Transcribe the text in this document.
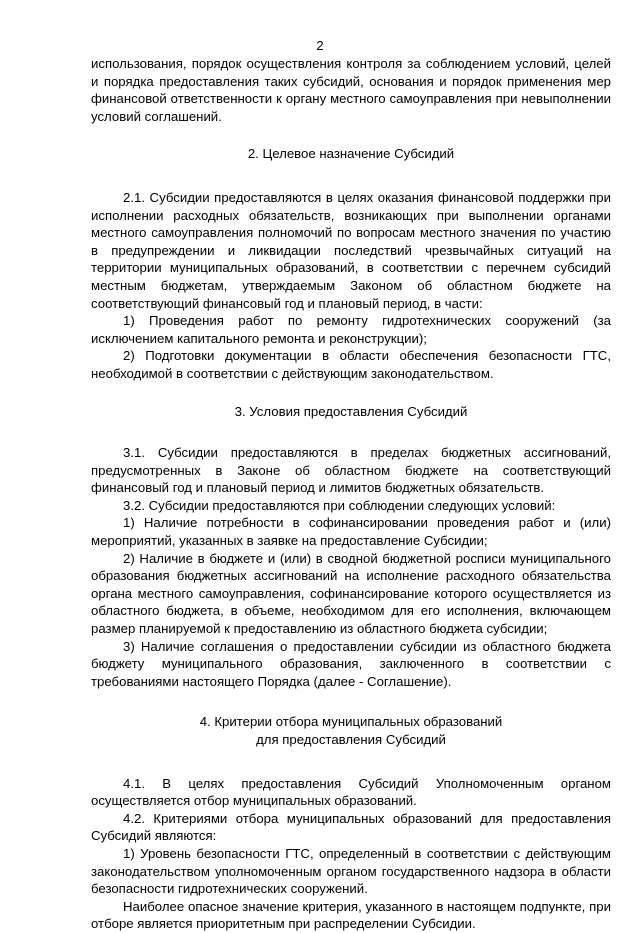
2

использования, порядок осуществления контроля за соблюдением условий, целей и порядка предоставления таких субсидий, основания и порядок применения мер финансовой ответственности к органу местного самоуправления при невыполнении условий соглашений.

2. Целевое назначение Субсидий

2.1. Субсидии предоставляются в целях оказания финансовой поддержки при исполнении расходных обязательств, возникающих при выполнении органами местного самоуправления полномочий по вопросам местного значения по участию в предупреждении и ликвидации последствий чрезвычайных ситуаций на территории муниципальных образований, в соответствии с перечнем субсидий местным бюджетам, утверждаемым Законом об областном бюджете на соответствующий финансовый год и плановый период, в части:

1) Проведения работ по ремонту гидротехнических сооружений (за исключением капитального ремонта и реконструкции);

2) Подготовки документации в области обеспечения безопасности ГТС, необходимой в соответствии с действующим законодательством.

3. Условия предоставления Субсидий

3.1. Субсидии предоставляются в пределах бюджетных ассигнований, предусмотренных в Законе об областном бюджете на соответствующий финансовый год и плановый период и лимитов бюджетных обязательств.

3.2. Субсидии предоставляются при соблюдении следующих условий:

1) Наличие потребности в софинансировании проведения работ и (или) мероприятий, указанных в заявке на предоставление Субсидии;

2) Наличие в бюджете и (или) в сводной бюджетной росписи муниципального образования бюджетных ассигнований на исполнение расходного обязательства органа местного самоуправления, софинансирование которого осуществляется из областного бюджета, в объеме, необходимом для его исполнения, включающем размер планируемой к предоставлению из областного бюджета субсидии;

3) Наличие соглашения о предоставлении субсидии из областного бюджета бюджету муниципального образования, заключенного в соответствии с требованиями настоящего Порядка (далее - Соглашение).

4. Критерии отбора муниципальных образований
для предоставления Субсидий

4.1. В целях предоставления Субсидий Уполномоченным органом осуществляется отбор муниципальных образований.

4.2. Критериями отбора муниципальных образований для предоставления Субсидий являются:

1) Уровень безопасности ГТС, определенный в соответствии с действующим законодательством уполномоченным органом государственного надзора в области безопасности гидротехнических сооружений.

Наиболее опасное значение критерия, указанного в настоящем подпункте, при отборе является приоритетным при распределении Субсидии.
